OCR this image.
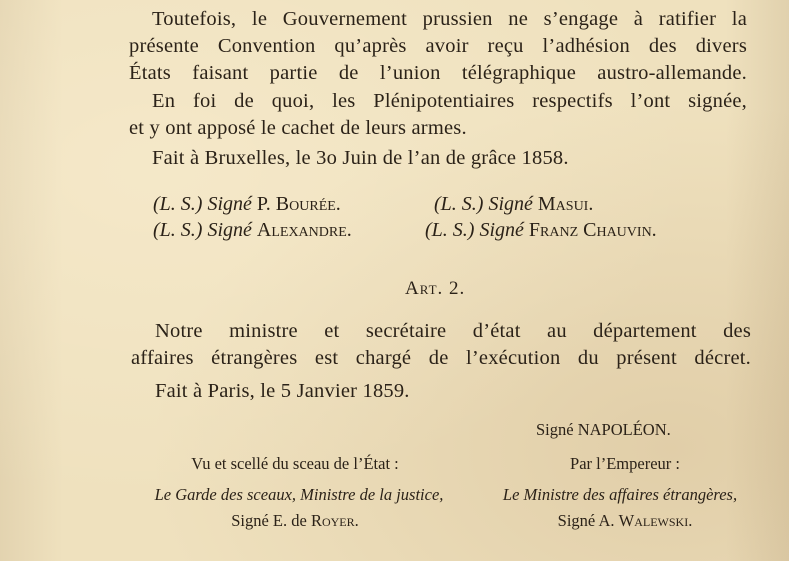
Toutefois, le Gouvernement prussien ne s’engage à ratifier la
présente Convention qu’après avoir reçu l’adhésion des divers
États faisant partie de l’union télégraphique austro-allemande.
En foi de quoi, les Plénipotentiaires respectifs l’ont signée,
et y ont apposé le cachet de leurs armes.
Fait à Bruxelles, le 3o Juin de l’an de grâce 1858.
(L. S.) Signé P. Bourée.	(L. S.) Signé Masui.
(L. S.) Signé Alexandre.	(L. S.) Signé Franz Chauvin.
Art. 2.
Notre ministre et secrétaire d’état au département des
affaires étrangères est chargé de l’exécution du présent décret.
Fait à Paris, le 5 Janvier 1859.
Signé NAPOLÉON.
Vu et scellé du sceau de l’État :	Par l’Empereur :
Le Garde des sceaux, Ministre de la justice,	Le Ministre des affaires étrangères,
Signé E. de Royer.	Signé A. Walewski.
